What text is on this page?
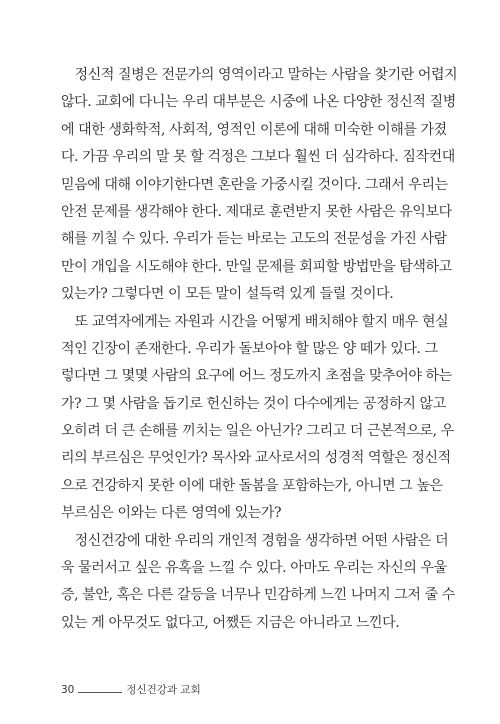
　정신적 질병은 전문가의 영역이라고 말하는 사람을 찾기란 어렵지
않다. 교회에 다니는 우리 대부분은 시중에 나온 다양한 정신적 질병
에 대한 생화학적, 사회적, 영적인 이론에 대해 미숙한 이해를 가졌
다. 가끔 우리의 말 못 할 걱정은 그보다 훨씬 더 심각하다. 짐작컨대
믿음에 대해 이야기한다면 혼란을 가중시킬 것이다. 그래서 우리는
안전 문제를 생각해야 한다. 제대로 훈련받지 못한 사람은 유익보다
해를 끼칠 수 있다. 우리가 듣는 바로는 고도의 전문성을 가진 사람
만이 개입을 시도해야 한다. 만일 문제를 회피할 방법만을 탐색하고
있는가? 그렇다면 이 모든 말이 설득력 있게 들릴 것이다.
　또 교역자에게는 자원과 시간을 어떻게 배치해야 할지 매우 현실
적인 긴장이 존재한다. 우리가 돌보아야 할 많은 양 떼가 있다. 그
렇다면 그 몇몇 사람의 요구에 어느 정도까지 초점을 맞추어야 하는
가? 그 몇 사람을 돕기로 헌신하는 것이 다수에게는 공정하지 않고
오히려 더 큰 손해를 끼치는 일은 아닌가? 그리고 더 근본적으로, 우
리의 부르심은 무엇인가? 목사와 교사로서의 성경적 역할은 정신적
으로 건강하지 못한 이에 대한 돌봄을 포함하는가, 아니면 그 높은
부르심은 이와는 다른 영역에 있는가?
　정신건강에 대한 우리의 개인적 경험을 생각하면 어떤 사람은 더
욱 물러서고 싶은 유혹을 느낄 수 있다. 아마도 우리는 자신의 우울
증, 불안, 혹은 다른 갈등을 너무나 민감하게 느낀 나머지 그저 줄 수
있는 게 아무것도 없다고, 어쨌든 지금은 아니라고 느낀다.
30	정신건강과 교회
